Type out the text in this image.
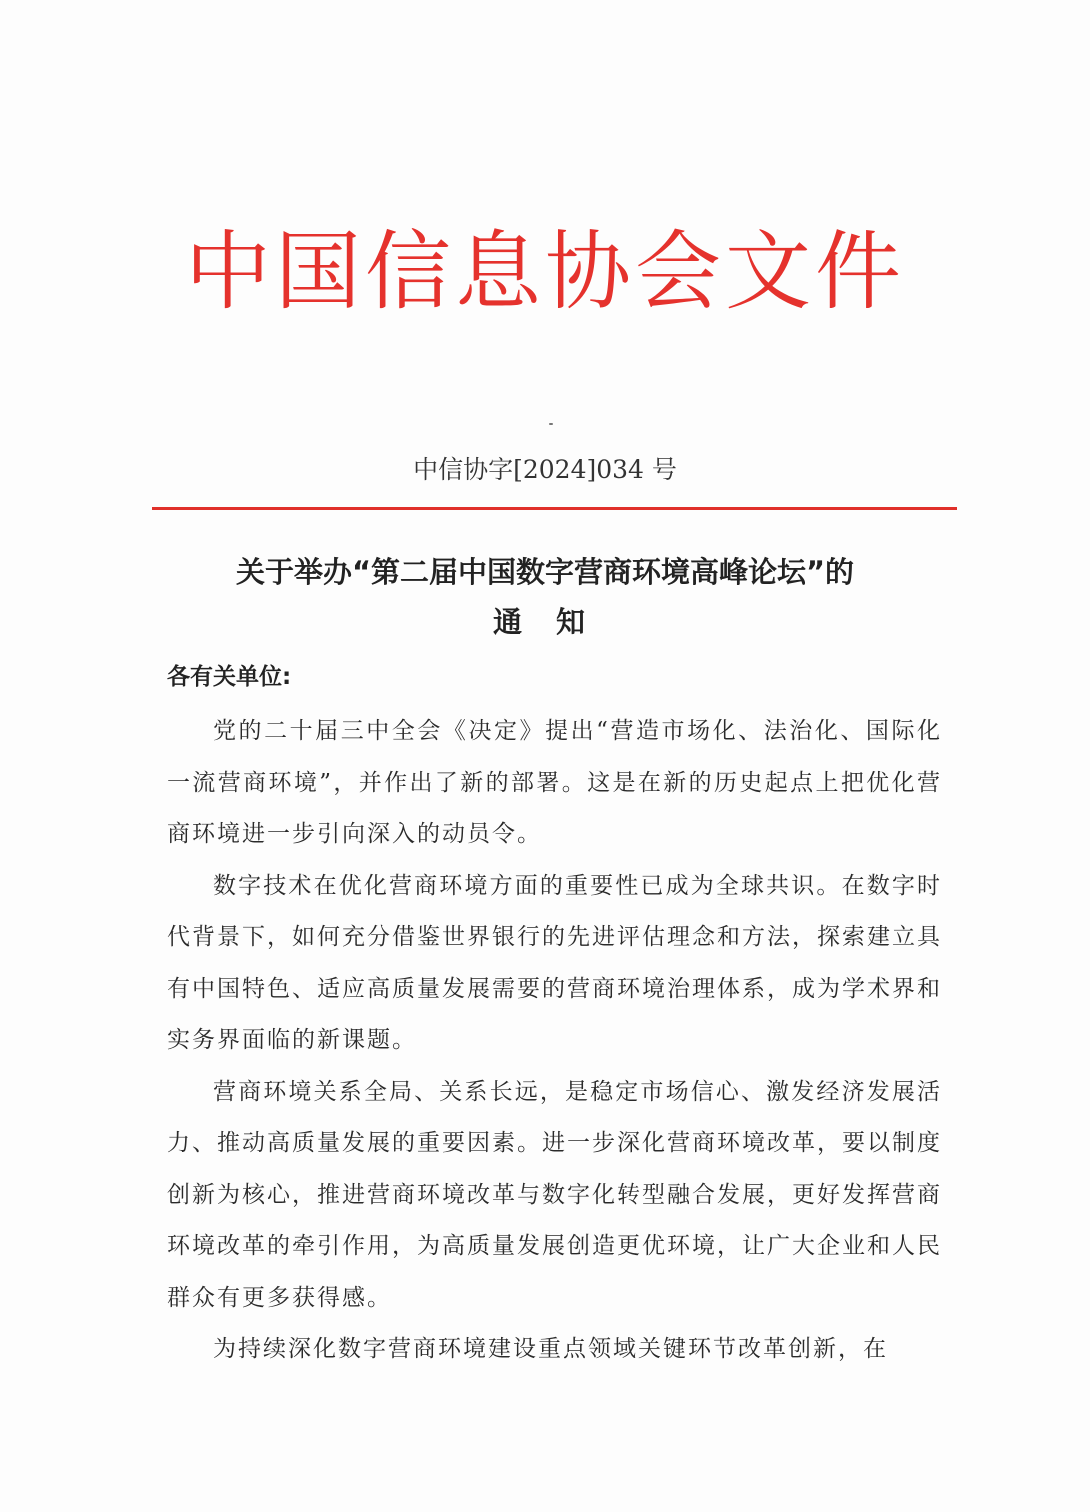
中国信息协会文件
中信协字[2024]034 号
关于举办“第二届中国数字营商环境高峰论坛”的
通 知
各有关单位:

党的二十届三中全会《决定》提出“营造市场化、法治化、国际化一流营商环境”，并作出了新的部署。这是在新的历史起点上把优化营商环境进一步引向深入的动员令。

数字技术在优化营商环境方面的重要性已成为全球共识。在数字时代背景下，如何充分借鉴世界银行的先进评估理念和方法，探索建立具有中国特色、适应高质量发展需要的营商环境治理体系，成为学术界和实务界面临的新课题。

营商环境关系全局、关系长远，是稳定市场信心、激发经济发展活力、推动高质量发展的重要因素。进一步深化营商环境改革，要以制度创新为核心，推进营商环境改革与数字化转型融合发展，更好发挥营商环境改革的牵引作用，为高质量发展创造更优环境，让广大企业和人民群众有更多获得感。

为持续深化数字营商环境建设重点领域关键环节改革创新，在
